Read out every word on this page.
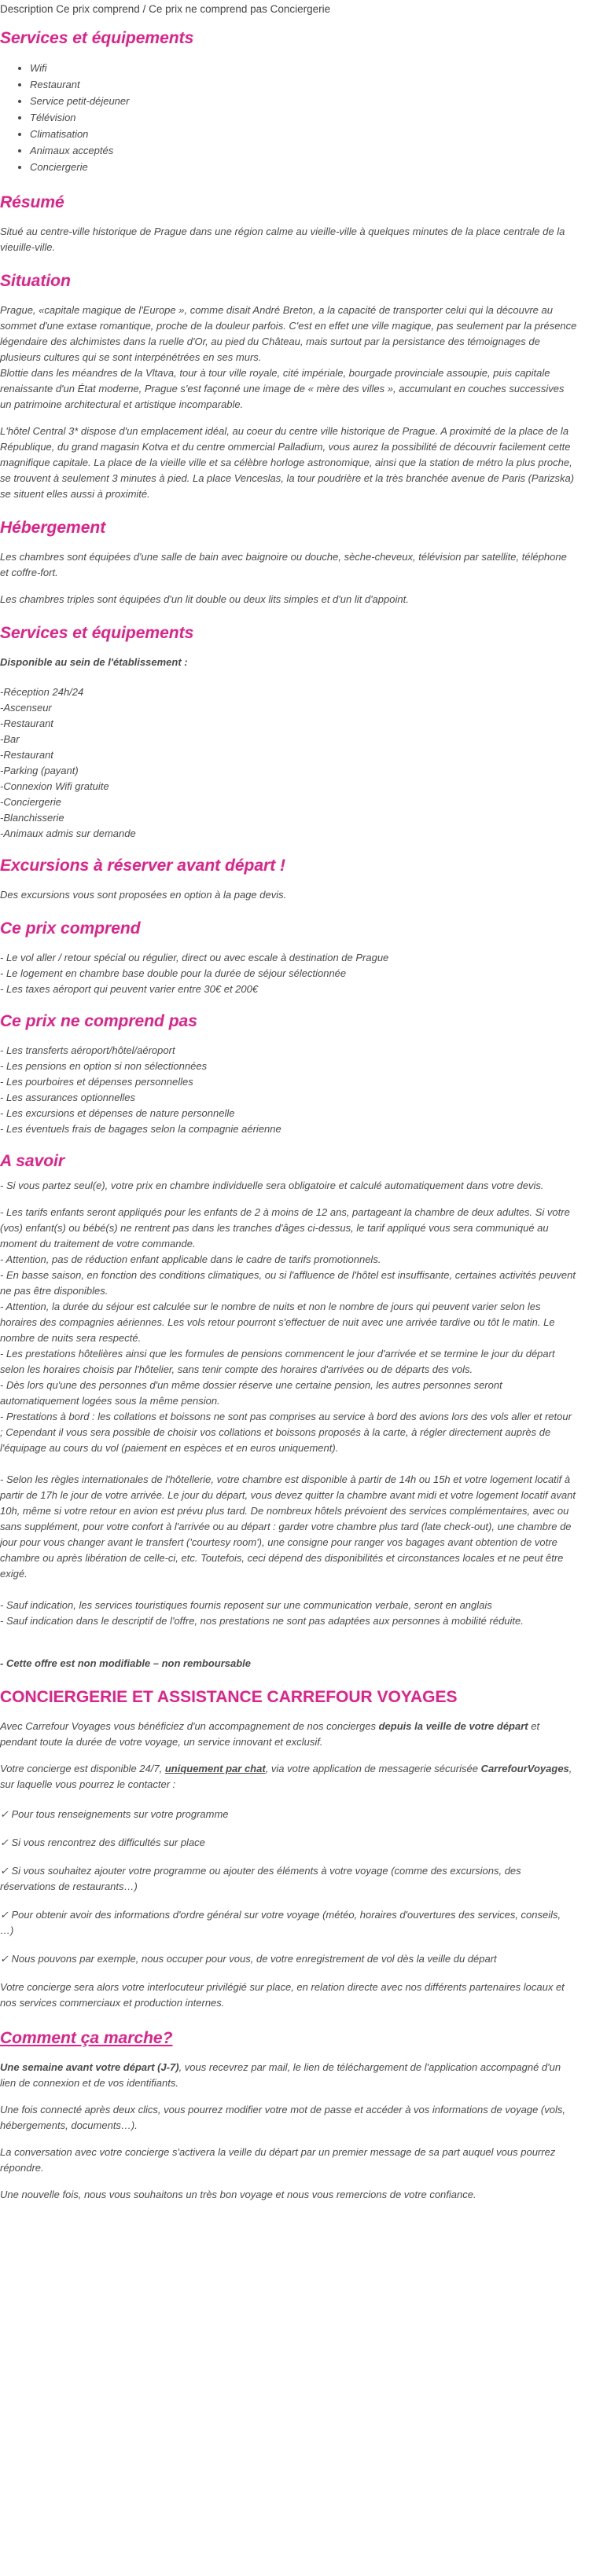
Description Ce prix comprend / Ce prix ne comprend pas Conciergerie
Services et équipements
• Wifi
• Restaurant
• Service petit-déjeuner
• Télévision
• Climatisation
• Animaux acceptés
• Conciergerie
Résumé
Situé au centre-ville historique de Prague dans une région calme au vieille-ville à quelques minutes de la place centrale de la vieuille-ville.
Situation
Prague, «capitale magique de l'Europe », comme disait André Breton, a la capacité de transporter celui qui la découvre au sommet d'une extase romantique, proche de la douleur parfois. C'est en effet une ville magique, pas seulement par la présence légendaire des alchimistes dans la ruelle d'Or, au pied du Château, mais surtout par la persistance des témoignages de plusieurs cultures qui se sont interpénétrées en ses murs.
Blottie dans les méandres de la Vltava, tour à tour ville royale, cité impériale, bourgade provinciale assoupie, puis capitale renaissante d'un État moderne, Prague s'est façonné une image de « mère des villes », accumulant en couches successives un patrimoine architectural et artistique incomparable.
L'hôtel Central 3* dispose d'un emplacement idéal, au coeur du centre ville historique de Prague. A proximité de la place de la République, du grand magasin Kotva et du centre ommercial Palladium, vous aurez la possibilité de découvrir facilement cette magnifique capitale. La place de la vieille ville et sa célèbre horloge astronomique, ainsi que la station de métro la plus proche, se trouvent à seulement 3 minutes à pied. La place Venceslas, la tour poudrière et la très branchée avenue de Paris (Parizska) se situent elles aussi à proximité.
Hébergement
Les chambres sont équipées d'une salle de bain avec baignoire ou douche, sèche-cheveux, télévision par satellite, téléphone et coffre-fort.
Les chambres triples sont équipées d'un lit double ou deux lits simples et d'un lit d'appoint.
Services et équipements
Disponible au sein de l'établissement :
-Réception 24h/24
-Ascenseur
-Restaurant
-Bar
-Restaurant
-Parking (payant)
-Connexion Wifi gratuite
-Conciergerie
-Blanchisserie
-Animaux admis sur demande
Excursions à réserver avant départ !
Des excursions vous sont proposées en option à la page devis.
Ce prix comprend
- Le vol aller / retour spécial ou régulier, direct ou avec escale à destination de Prague
- Le logement en chambre base double pour la durée de séjour sélectionnée
- Les taxes aéroport qui peuvent varier entre 30€ et 200€
Ce prix ne comprend pas
- Les transferts aéroport/hôtel/aéroport
- Les pensions en option si non sélectionnées
- Les pourboires et dépenses personnelles
- Les assurances optionnelles
- Les excursions et dépenses de nature personnelle
- Les éventuels frais de bagages selon la compagnie aérienne
A savoir
- Si vous partez seul(e), votre prix en chambre individuelle sera obligatoire et calculé automatiquement dans votre devis.
- Les tarifs enfants seront appliqués pour les enfants de 2 à moins de 12 ans, partageant la chambre de deux adultes. Si votre (vos) enfant(s) ou bébé(s) ne rentrent pas dans les tranches d'âges ci-dessus, le tarif appliqué vous sera communiqué au moment du traitement de votre commande.
- Attention, pas de réduction enfant applicable dans le cadre de tarifs promotionnels.
- En basse saison, en fonction des conditions climatiques, ou si l'affluence de l'hôtel est insuffisante, certaines activités peuvent ne pas être disponibles.
- Attention, la durée du séjour est calculée sur le nombre de nuits et non le nombre de jours qui peuvent varier selon les horaires des compagnies aériennes. Les vols retour pourront s'effectuer de nuit avec une arrivée tardive ou tôt le matin. Le nombre de nuits sera respecté.
- Les prestations hôtelières ainsi que les formules de pensions commencent le jour d'arrivée et se termine le jour du départ selon les horaires choisis par l'hôtelier, sans tenir compte des horaires d'arrivées ou de départs des vols.
- Dès lors qu'une des personnes d'un même dossier réserve une certaine pension, les autres personnes seront automatiquement logées sous la même pension.
- Prestations à bord : les collations et boissons ne sont pas comprises au service à bord des avions lors des vols aller et retour ; Cependant il vous sera possible de choisir vos collations et boissons proposés à la carte, à régler directement auprès de l'équipage au cours du vol (paiement en espèces et en euros uniquement).
- Selon les règles internationales de l'hôtellerie, votre chambre est disponible à partir de 14h ou 15h et votre logement locatif à partir de 17h le jour de votre arrivée. Le jour du départ, vous devez quitter la chambre avant midi et votre logement locatif avant 10h, même si votre retour en avion est prévu plus tard. De nombreux hôtels prévoient des services complémentaires, avec ou sans supplément, pour votre confort à l'arrivée ou au départ : garder votre chambre plus tard (late check-out), une chambre de jour pour vous changer avant le transfert ('courtesy room'), une consigne pour ranger vos bagages avant obtention de votre chambre ou après libération de celle-ci, etc. Toutefois, ceci dépend des disponibilités et circonstances locales et ne peut être exigé.
- Sauf indication, les services touristiques fournis reposent sur une communication verbale, seront en anglais
- Sauf indication dans le descriptif de l'offre, nos prestations ne sont pas adaptées aux personnes à mobilité réduite.
- Cette offre est non modifiable – non remboursable
CONCIERGERIE ET ASSISTANCE CARREFOUR VOYAGES
Avec Carrefour Voyages vous bénéficiez d'un accompagnement de nos concierges depuis la veille de votre départ et pendant toute la durée de votre voyage, un service innovant et exclusif.
Votre concierge est disponible 24/7, uniquement par chat, via votre application de messagerie sécurisée CarrefourVoyages, sur laquelle vous pourrez le contacter :
✓ Pour tous renseignements sur votre programme
✓ Si vous rencontrez des difficultés sur place
✓ Si vous souhaitez ajouter votre programme ou ajouter des éléments à votre voyage (comme des excursions, des réservations de restaurants…)
✓ Pour obtenir avoir des informations d'ordre général sur votre voyage (météo, horaires d'ouvertures des services, conseils, …)
✓ Nous pouvons par exemple, nous occuper pour vous, de votre enregistrement de vol dès la veille du départ
Votre concierge sera alors votre interlocuteur privilégié sur place, en relation directe avec nos différents partenaires locaux et nos services commerciaux et production internes.
Comment ça marche?
Une semaine avant votre départ (J-7), vous recevrez par mail, le lien de téléchargement de l'application accompagné d'un lien de connexion et de vos identifiants.
Une fois connecté après deux clics, vous pourrez modifier votre mot de passe et accéder à vos informations de voyage (vols, hébergements, documents…).
La conversation avec votre concierge s'activera la veille du départ par un premier message de sa part auquel vous pourrez répondre.
Une nouvelle fois, nous vous souhaitons un très bon voyage et nous vous remercions de votre confiance.
